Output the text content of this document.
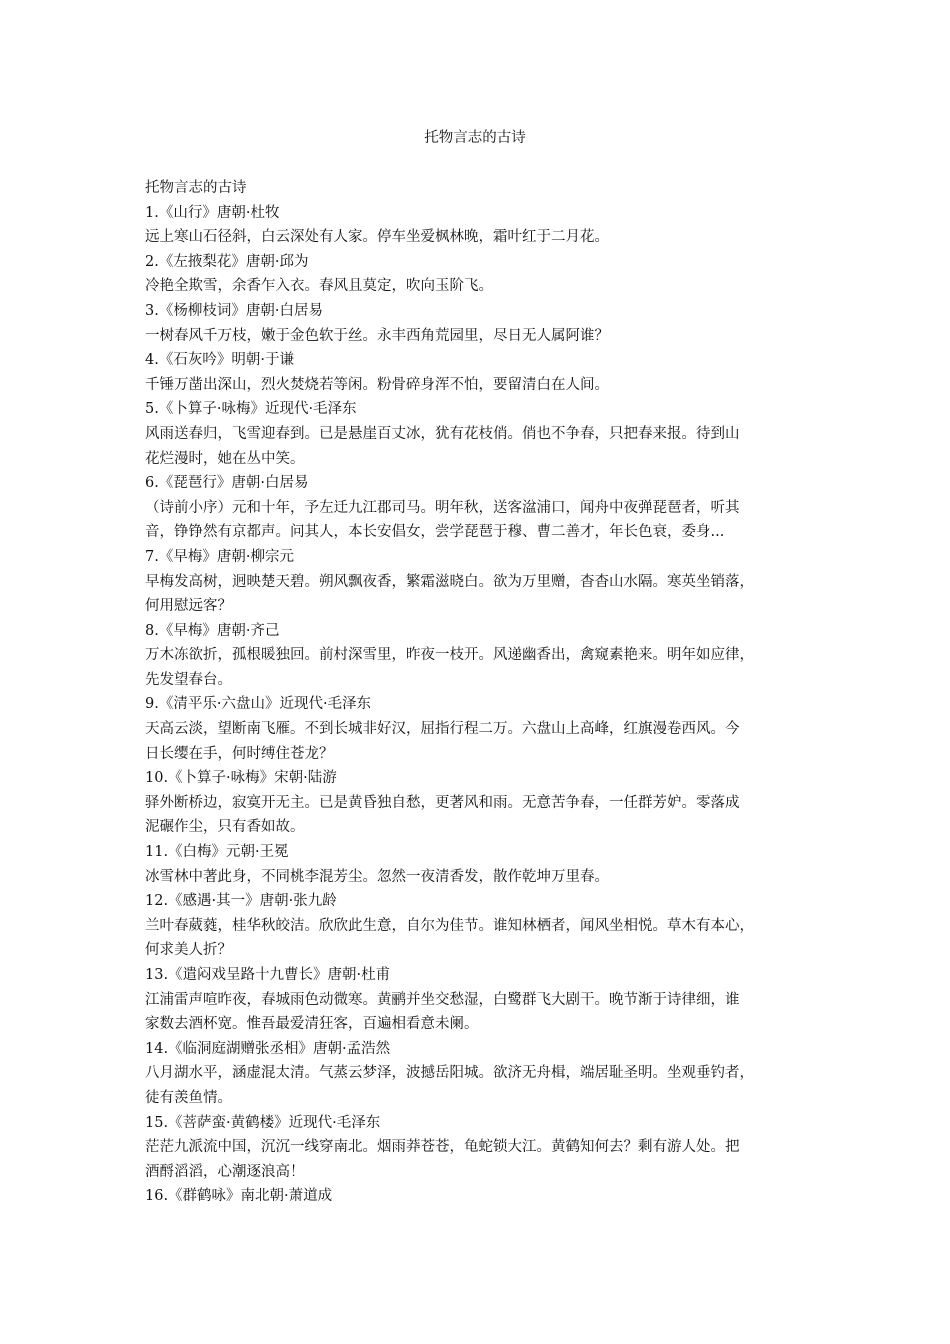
托物言志的古诗
托物言志的古诗
1.《山行》唐朝·杜牧
远上寒山石径斜，白云深处有人家。停车坐爱枫林晚，霜叶红于二月花。
2.《左掖梨花》唐朝·邱为
冷艳全欺雪，余香乍入衣。春风且莫定，吹向玉阶飞。
3.《杨柳枝词》唐朝·白居易
一树春风千万枝，嫩于金色软于丝。永丰西角荒园里，尽日无人属阿谁？
4.《石灰吟》明朝·于谦
千锤万凿出深山，烈火焚烧若等闲。粉骨碎身浑不怕，要留清白在人间。
5.《卜算子·咏梅》近现代·毛泽东
风雨送春归，飞雪迎春到。已是悬崖百丈冰，犹有花枝俏。俏也不争春，只把春来报。待到山
花烂漫时，她在丛中笑。
6.《琵琶行》唐朝·白居易
（诗前小序）元和十年，予左迁九江郡司马。明年秋，送客湓浦口，闻舟中夜弹琵琶者，听其
音，铮铮然有京都声。问其人，本长安倡女，尝学琵琶于穆、曹二善才，年长色衰，委身...
7.《早梅》唐朝·柳宗元
早梅发高树，迥映楚天碧。朔风飘夜香，繁霜滋晓白。欲为万里赠，杳杳山水隔。寒英坐销落，
何用慰远客？
8.《早梅》唐朝·齐己
万木冻欲折，孤根暖独回。前村深雪里，昨夜一枝开。风递幽香出，禽窥素艳来。明年如应律，
先发望春台。
9.《清平乐·六盘山》近现代·毛泽东
天高云淡，望断南飞雁。不到长城非好汉，屈指行程二万。六盘山上高峰，红旗漫卷西风。今
日长缨在手，何时缚住苍龙？
10.《卜算子·咏梅》宋朝·陆游
驿外断桥边，寂寞开无主。已是黄昏独自愁，更著风和雨。无意苦争春，一任群芳妒。零落成
泥碾作尘，只有香如故。
11.《白梅》元朝·王冕
冰雪林中著此身，不同桃李混芳尘。忽然一夜清香发，散作乾坤万里春。
12.《感遇·其一》唐朝·张九龄
兰叶春葳蕤，桂华秋皎洁。欣欣此生意，自尔为佳节。谁知林栖者，闻风坐相悦。草木有本心，
何求美人折？
13.《遣闷戏呈路十九曹长》唐朝·杜甫
江浦雷声喧昨夜，春城雨色动微寒。黄鹂并坐交愁湿，白鹭群飞大剧干。晚节渐于诗律细，谁
家数去酒杯宽。惟吾最爱清狂客，百遍相看意未阑。
14.《临洞庭湖赠张丞相》唐朝·孟浩然
八月湖水平，涵虚混太清。气蒸云梦泽，波撼岳阳城。欲济无舟楫，端居耻圣明。坐观垂钓者，
徒有羡鱼情。
15.《菩萨蛮·黄鹤楼》近现代·毛泽东
茫茫九派流中国，沉沉一线穿南北。烟雨莽苍苍，龟蛇锁大江。黄鹤知何去？剩有游人处。把
酒酹滔滔，心潮逐浪高！
16.《群鹤咏》南北朝·萧道成
